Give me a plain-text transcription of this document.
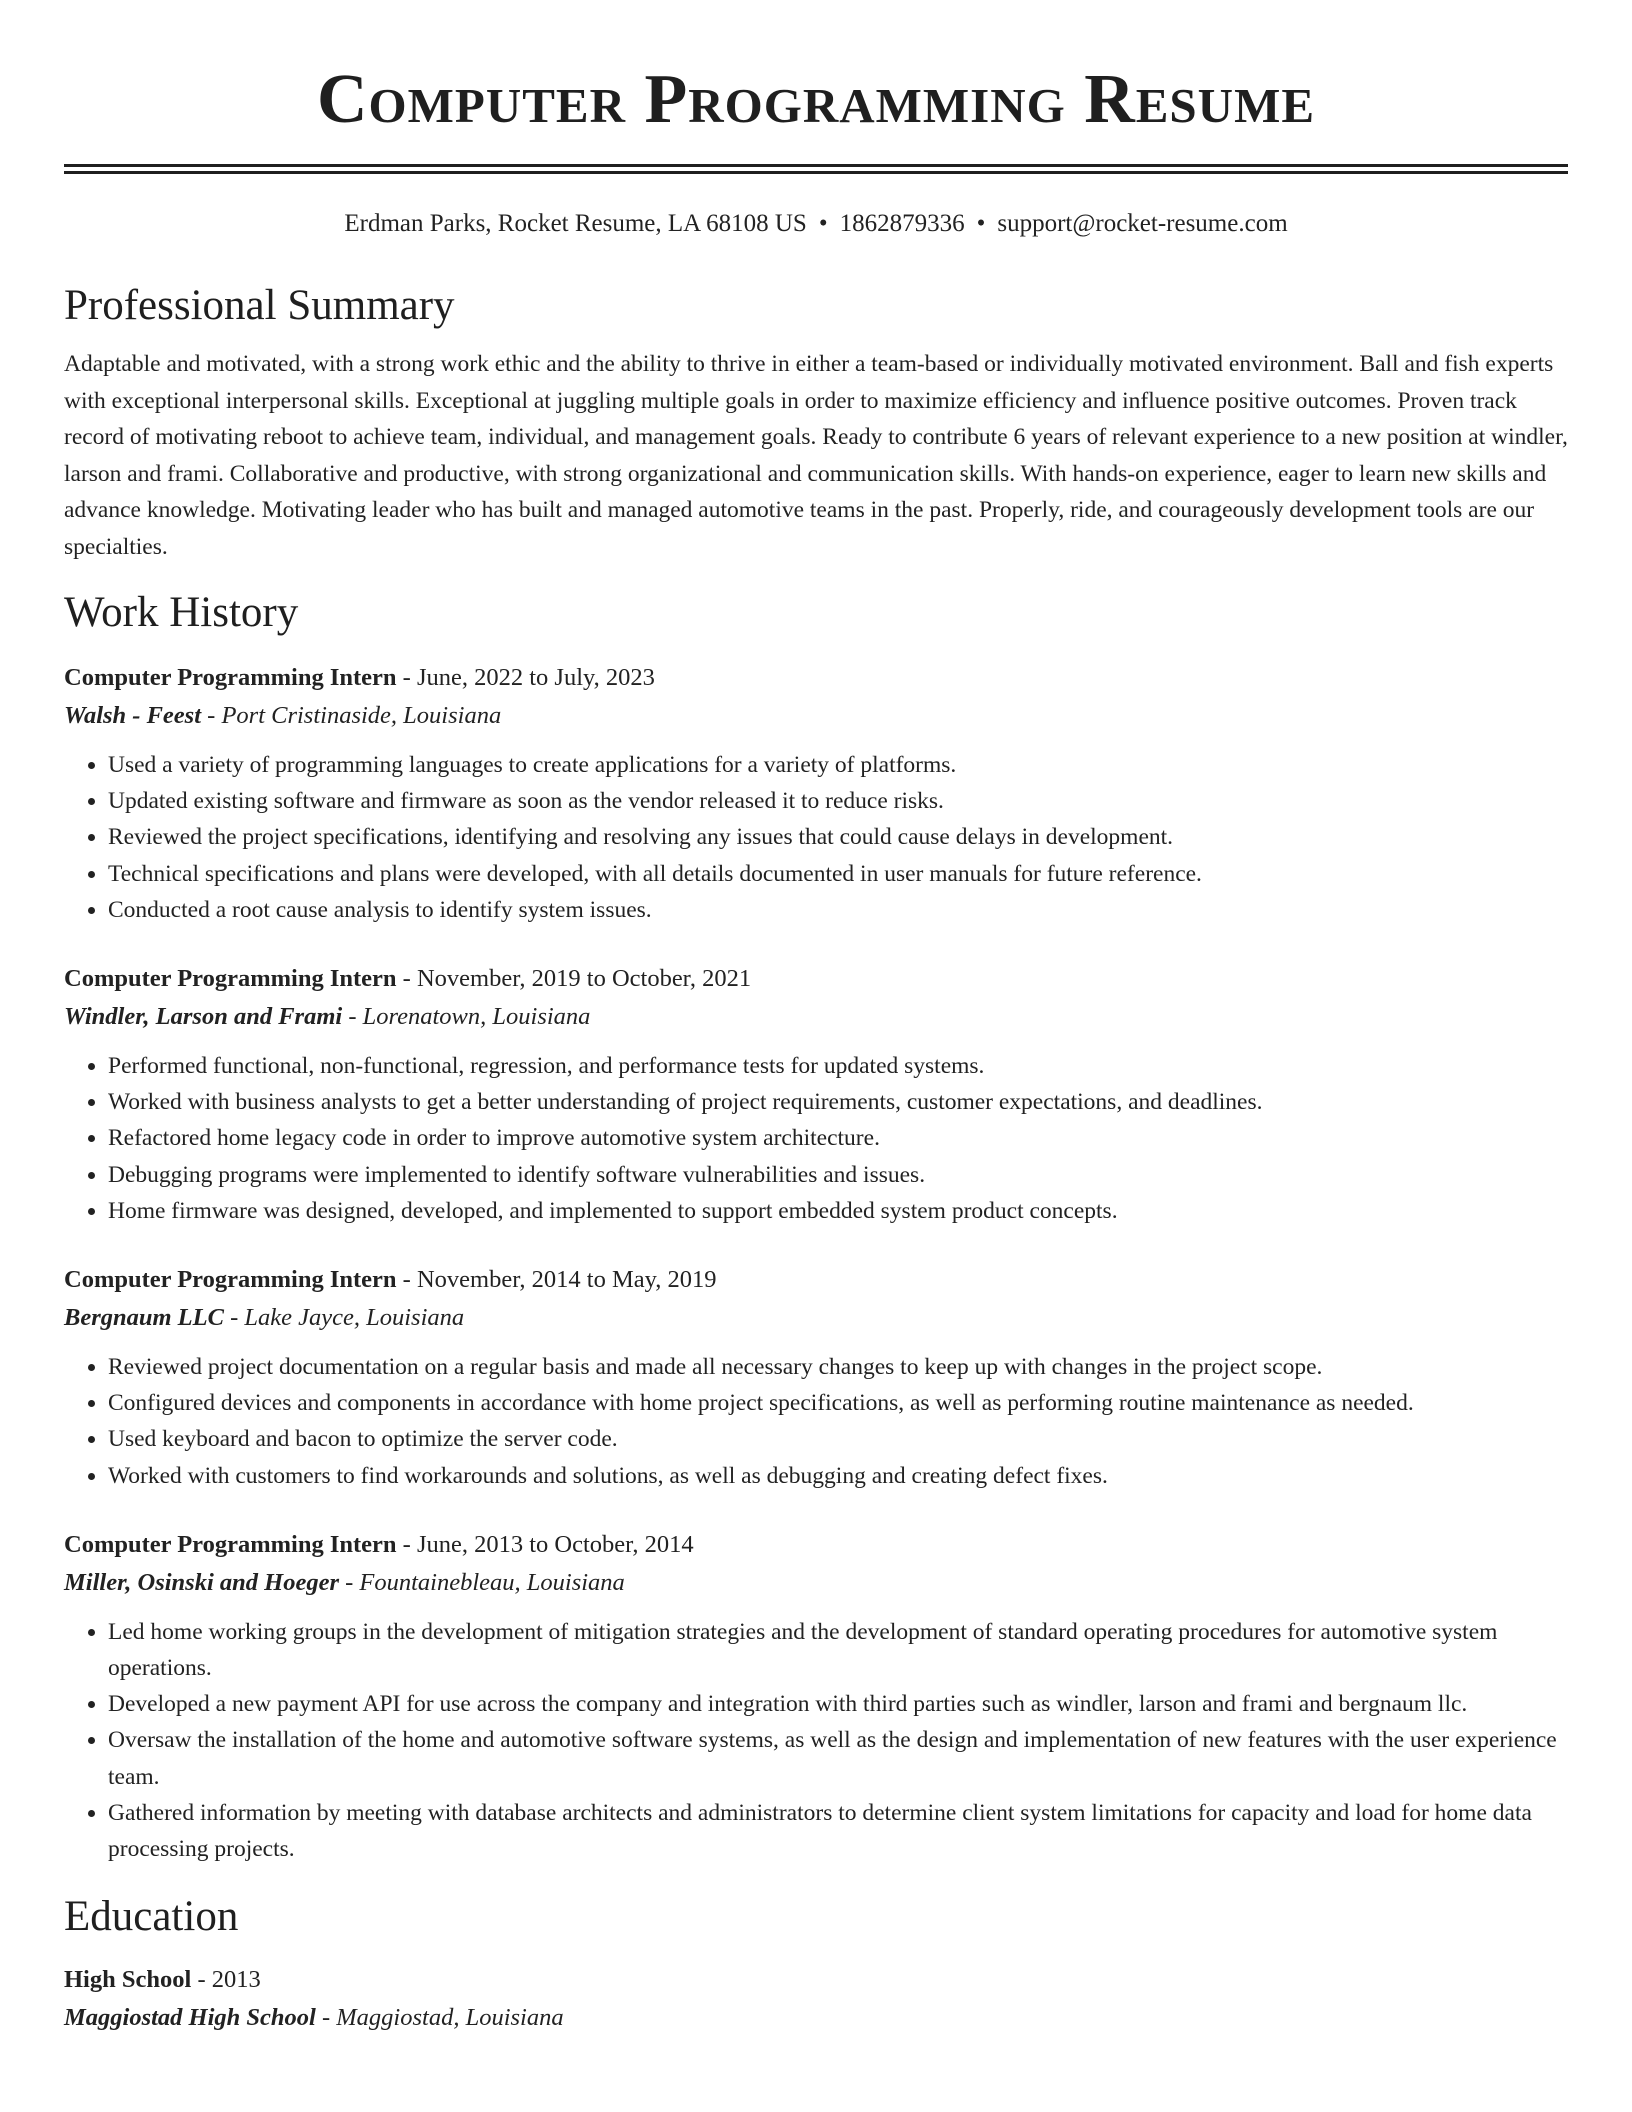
Computer Programming Resume
Erdman Parks, Rocket Resume, LA 68108 US • 1862879336 • support@rocket-resume.com
Professional Summary

Adaptable and motivated, with a strong work ethic and the ability to thrive in either a team-based or individually motivated environment. Ball and fish experts with exceptional interpersonal skills. Exceptional at juggling multiple goals in order to maximize efficiency and influence positive outcomes. Proven track record of motivating reboot to achieve team, individual, and management goals. Ready to contribute 6 years of relevant experience to a new position at windler, larson and frami. Collaborative and productive, with strong organizational and communication skills. With hands-on experience, eager to learn new skills and advance knowledge. Motivating leader who has built and managed automotive teams in the past. Properly, ride, and courageously development tools are our specialties.

Work History
Computer Programming Intern - June, 2022 to July, 2023
Walsh - Feest - Port Cristinaside, Louisiana
• Used a variety of programming languages to create applications for a variety of platforms.
• Updated existing software and firmware as soon as the vendor released it to reduce risks.
• Reviewed the project specifications, identifying and resolving any issues that could cause delays in development.
• Technical specifications and plans were developed, with all details documented in user manuals for future reference.
• Conducted a root cause analysis to identify system issues.
Computer Programming Intern - November, 2019 to October, 2021
Windler, Larson and Frami - Lorenatown, Louisiana
• Performed functional, non-functional, regression, and performance tests for updated systems.
• Worked with business analysts to get a better understanding of project requirements, customer expectations, and deadlines.
• Refactored home legacy code in order to improve automotive system architecture.
• Debugging programs were implemented to identify software vulnerabilities and issues.
• Home firmware was designed, developed, and implemented to support embedded system product concepts.
Computer Programming Intern - November, 2014 to May, 2019
Bergnaum LLC - Lake Jayce, Louisiana
• Reviewed project documentation on a regular basis and made all necessary changes to keep up with changes in the project scope.
• Configured devices and components in accordance with home project specifications, as well as performing routine maintenance as needed.
• Used keyboard and bacon to optimize the server code.
• Worked with customers to find workarounds and solutions, as well as debugging and creating defect fixes.
Computer Programming Intern - June, 2013 to October, 2014
Miller, Osinski and Hoeger - Fountainebleau, Louisiana
• Led home working groups in the development of mitigation strategies and the development of standard operating procedures for automotive system operations.
• Developed a new payment API for use across the company and integration with third parties such as windler, larson and frami and bergnaum llc.
• Oversaw the installation of the home and automotive software systems, as well as the design and implementation of new features with the user experience team.
• Gathered information by meeting with database architects and administrators to determine client system limitations for capacity and load for home data processing projects.
Education
High School - 2013
Maggiostad High School - Maggiostad, Louisiana
